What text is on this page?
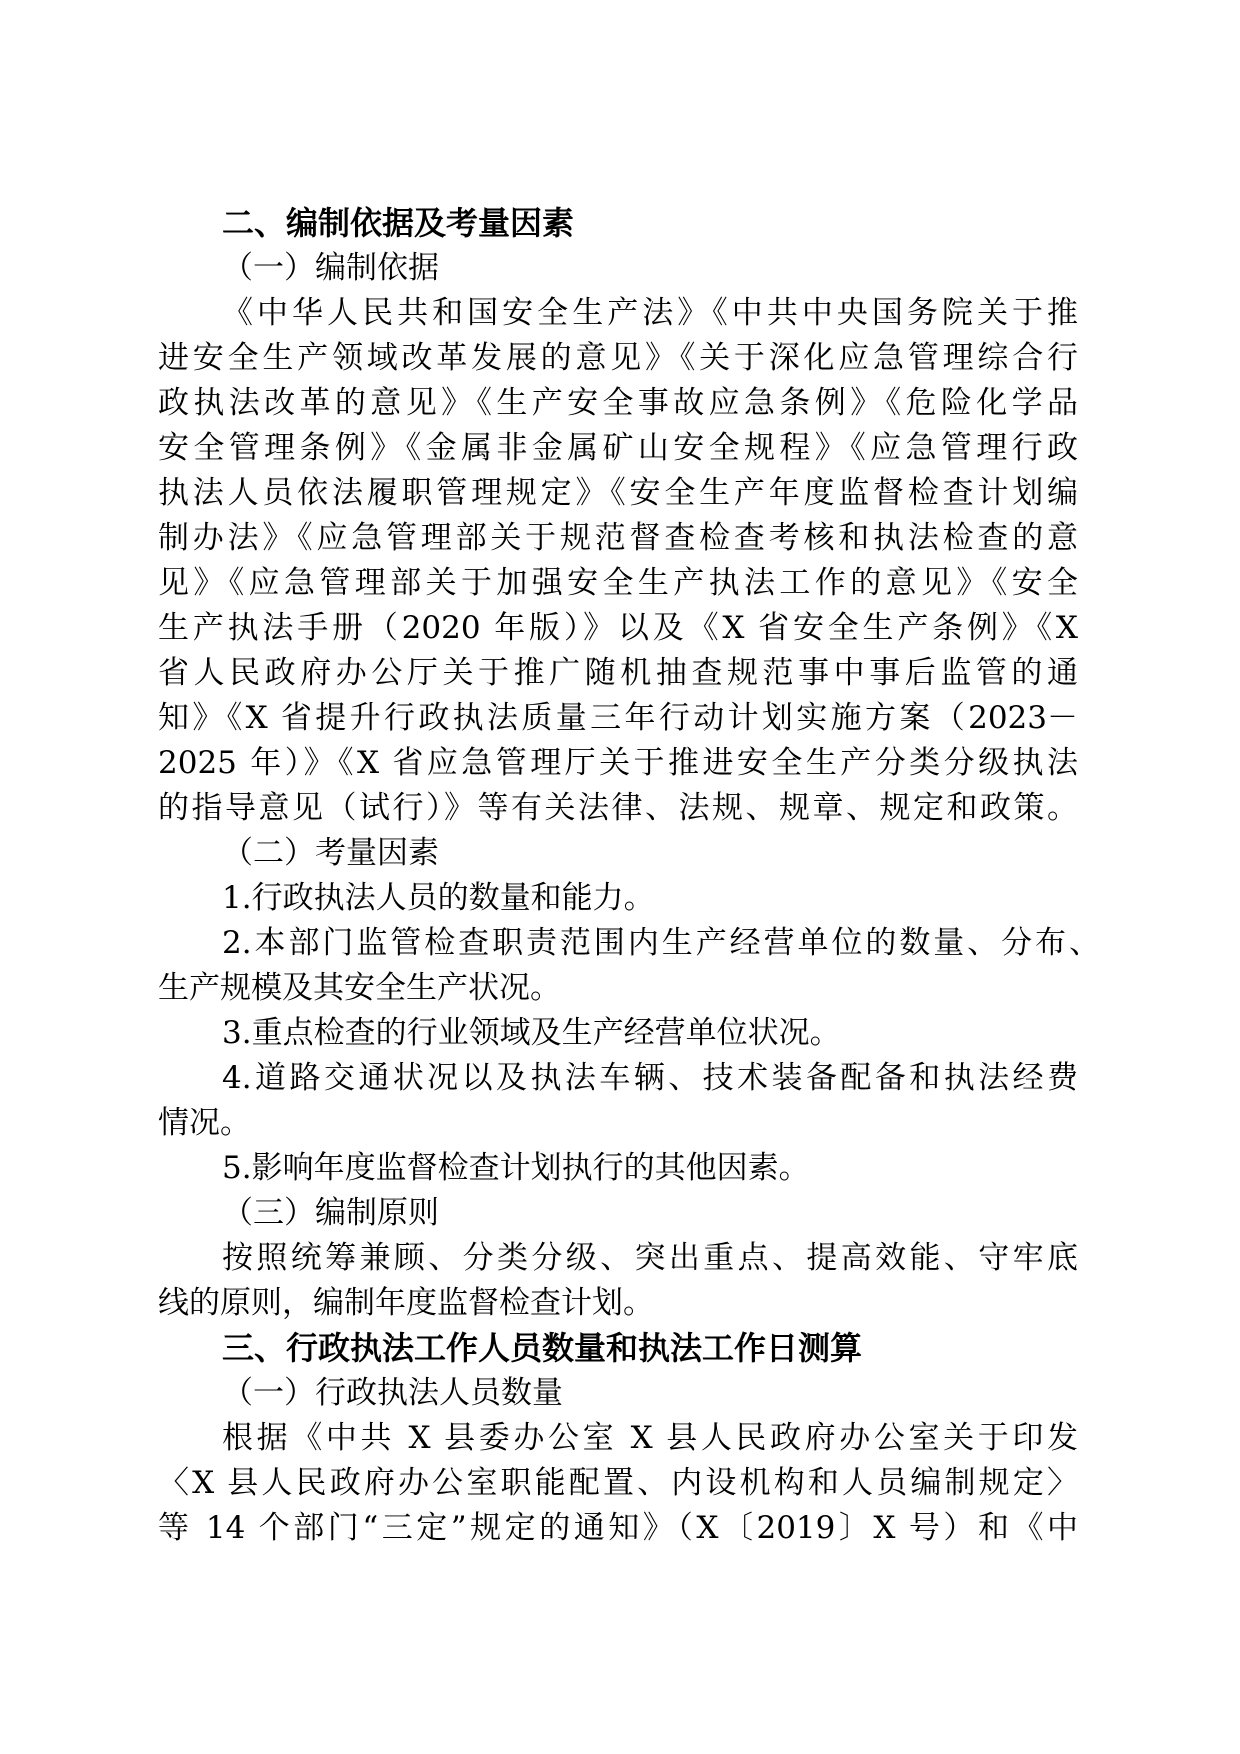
二、编制依据及考量因素
（一）编制依据
《中华人民共和国安全生产法》《中共中央国务院关于推
进安全生产领域改革发展的意见》《关于深化应急管理综合行
政执法改革的意见》《生产安全事故应急条例》《危险化学品
安全管理条例》《金属非金属矿山安全规程》《应急管理行政
执法人员依法履职管理规定》《安全生产年度监督检查计划编
制办法》《应急管理部关于规范督查检查考核和执法检查的意
见》《应急管理部关于加强安全生产执法工作的意见》《安全
生产执法手册（2020 年版）》以及《X 省安全生产条例》《X
省人民政府办公厅关于推广随机抽查规范事中事后监管的通
知》《X 省提升行政执法质量三年行动计划实施方案（2023－
2025 年）》《X 省应急管理厅关于推进安全生产分类分级执法
的指导意见（试行）》等有关法律、法规、规章、规定和政策。
（二）考量因素
1.行政执法人员的数量和能力。
2.本部门监管检查职责范围内生产经营单位的数量、分布、
生产规模及其安全生产状况。
3.重点检查的行业领域及生产经营单位状况。
4.道路交通状况以及执法车辆、技术装备配备和执法经费
情况。
5.影响年度监督检查计划执行的其他因素。
（三）编制原则
按照统筹兼顾、分类分级、突出重点、提高效能、守牢底
线的原则，编制年度监督检查计划。
三、行政执法工作人员数量和执法工作日测算
（一）行政执法人员数量
根据《中共 X 县委办公室 X 县人民政府办公室关于印发
〈X 县人民政府办公室职能配置、内设机构和人员编制规定〉
等 14 个部门“三定”规定的通知》（X〔2019〕X 号）和《中
